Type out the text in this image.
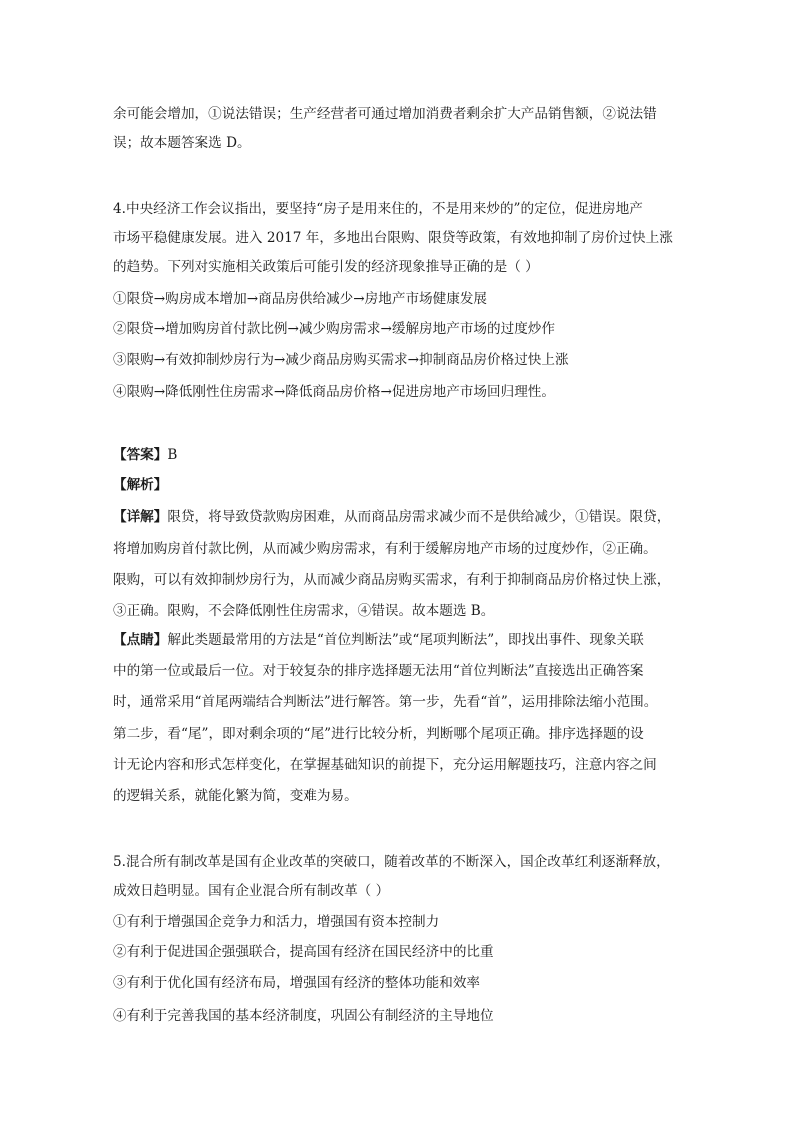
余可能会增加，①说法错误；生产经营者可通过增加消费者剩余扩大产品销售额，②说法错
误；故本题答案选 D。
4.中央经济工作会议指出，要坚持“房子是用来住的，不是用来炒的”的定位，促进房地产
市场平稳健康发展。进入 2017 年，多地出台限购、限贷等政策，有效地抑制了房价过快上涨
的趋势。下列对实施相关政策后可能引发的经济现象推导正确的是（ ）
①限贷→购房成本增加→商品房供给减少→房地产市场健康发展
②限贷→增加购房首付款比例→减少购房需求→缓解房地产市场的过度炒作
③限购→有效抑制炒房行为→减少商品房购买需求→抑制商品房价格过快上涨
④限购→降低刚性住房需求→降低商品房价格→促进房地产市场回归理性。
【答案】B
【解析】
【详解】限贷，将导致贷款购房困难，从而商品房需求减少而不是供给减少，①错误。限贷，
将增加购房首付款比例，从而减少购房需求，有利于缓解房地产市场的过度炒作，②正确。
限购，可以有效抑制炒房行为，从而减少商品房购买需求，有利于抑制商品房价格过快上涨，
③正确。限购，不会降低刚性住房需求，④错误。故本题选 B。
【点睛】解此类题最常用的方法是“首位判断法”或“尾项判断法”，即找出事件、现象关联
中的第一位或最后一位。对于较复杂的排序选择题无法用“首位判断法”直接选出正确答案
时，通常采用“首尾两端结合判断法”进行解答。第一步，先看“首”，运用排除法缩小范围。
第二步，看“尾”，即对剩余项的“尾”进行比较分析，判断哪个尾项正确。排序选择题的设
计无论内容和形式怎样变化，在掌握基础知识的前提下，充分运用解题技巧，注意内容之间
的逻辑关系，就能化繁为简，变难为易。
5.混合所有制改革是国有企业改革的突破口，随着改革的不断深入，国企改革红利逐渐释放，
成效日趋明显。国有企业混合所有制改革（ ）
①有利于增强国企竞争力和活力，增强国有资本控制力
②有利于促进国企强强联合，提高国有经济在国民经济中的比重
③有利于优化国有经济布局，增强国有经济的整体功能和效率
④有利于完善我国的基本经济制度，巩固公有制经济的主导地位
